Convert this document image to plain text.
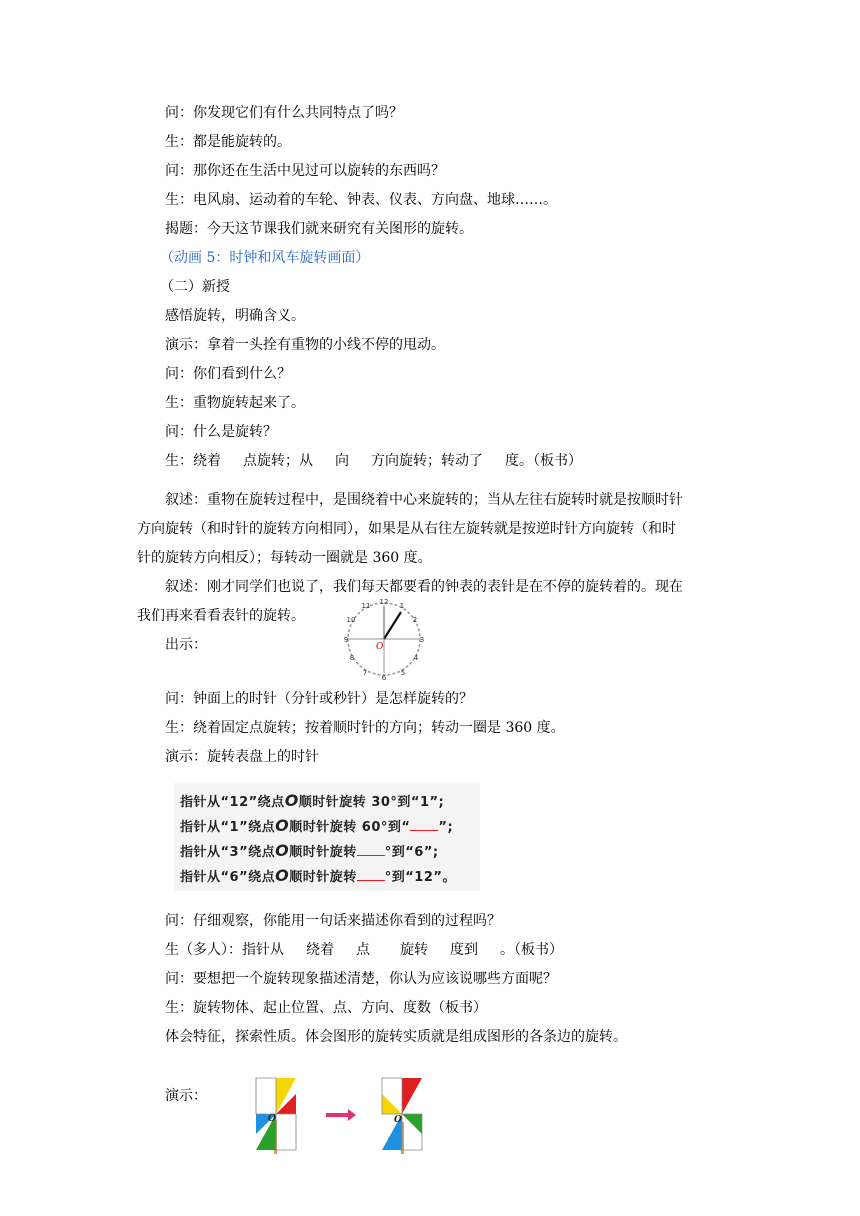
问：你发现它们有什么共同特点了吗？
生：都是能旋转的。
问：那你还在生活中见过可以旋转的东西吗？
生：电风扇、运动着的车轮、钟表、仪表、方向盘、地球……。
揭题：今天这节课我们就来研究有关图形的旋转。
（动画 5：时钟和风车旋转画面）
（二）新授
感悟旋转，明确含义。
演示：拿着一头拴有重物的小线不停的甩动。
问：你们看到什么？
生：重物旋转起来了。
问：什么是旋转？
生：绕着 点旋转；从 向 方向旋转；转动了 度。（板书）
叙述：重物在旋转过程中，是围绕着中心来旋转的；当从左往右旋转时就是按顺时针
方向旋转（和时针的旋转方向相同），如果是从右往左旋转就是按逆时针方向旋转（和时
针的旋转方向相反）；每转动一圈就是 360 度。
叙述：刚才同学们也说了，我们每天都要看的钟表的表针是在不停的旋转着的。现在
我们再来看看表针的旋转。
出示：
12 1
2
3
4
5
6
7
8
9
10
11
O
问：钟面上的时针（分针或秒针）是怎样旋转的？
生：绕着固定点旋转；按着顺时针的方向；转动一圈是 360 度。
演示：旋转表盘上的时针
指针从“12”绕点O顺时针旋转 30°到“1”;
指针从“1”绕点O顺时针旋转 60°到“ ”;
指针从“3”绕点O顺时针旋转 °到“6”;
指针从“6”绕点O顺时针旋转 °到“12”。
问：仔细观察，你能用一句话来描述你看到的过程吗？
生（多人）：指针从 绕着 点 旋转 度到 。（板书）
问：要想把一个旋转现象描述清楚，你认为应该说哪些方面呢？
生：旋转物体、起止位置、点、方向、度数（板书）
体会特征，探索性质。体会图形的旋转实质就是组成图形的各条边的旋转。
演示：
O	O
